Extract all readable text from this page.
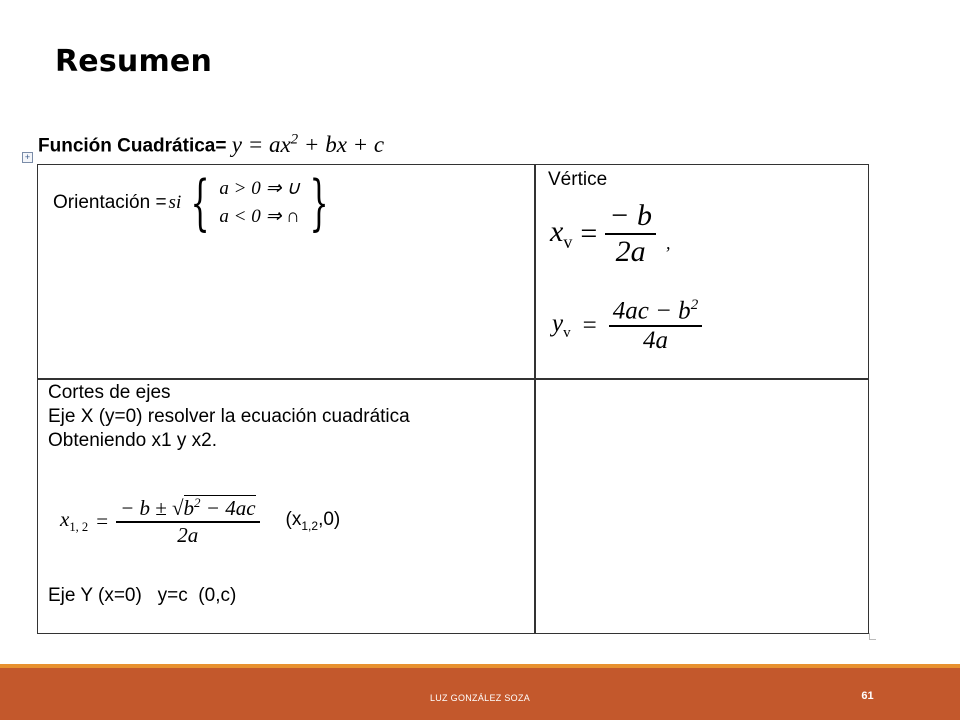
Resumen
Función Cuadrática= $y = ax^2$ + bx + c
+
Orientación = si { a > 0 ⇒ ∪
a < 0 ⇒ ∩ }	Vértice
$x_v = \frac{- b}{2a}$ ,
$y_v = \frac{4ac - b^2}{4a}$
Cortes de ejes
Eje X (y=0) resolver la ecuación cuadrática
Obteniendo x1 y x2.
$x_{1, 2} = \frac{- b \pm √b^2 - 4ac}{2a} (x_{1,2},0)$
Eje Y (x=0)   y=c  (0,c)
LUZ GONZÁLEZ SOZA	61
